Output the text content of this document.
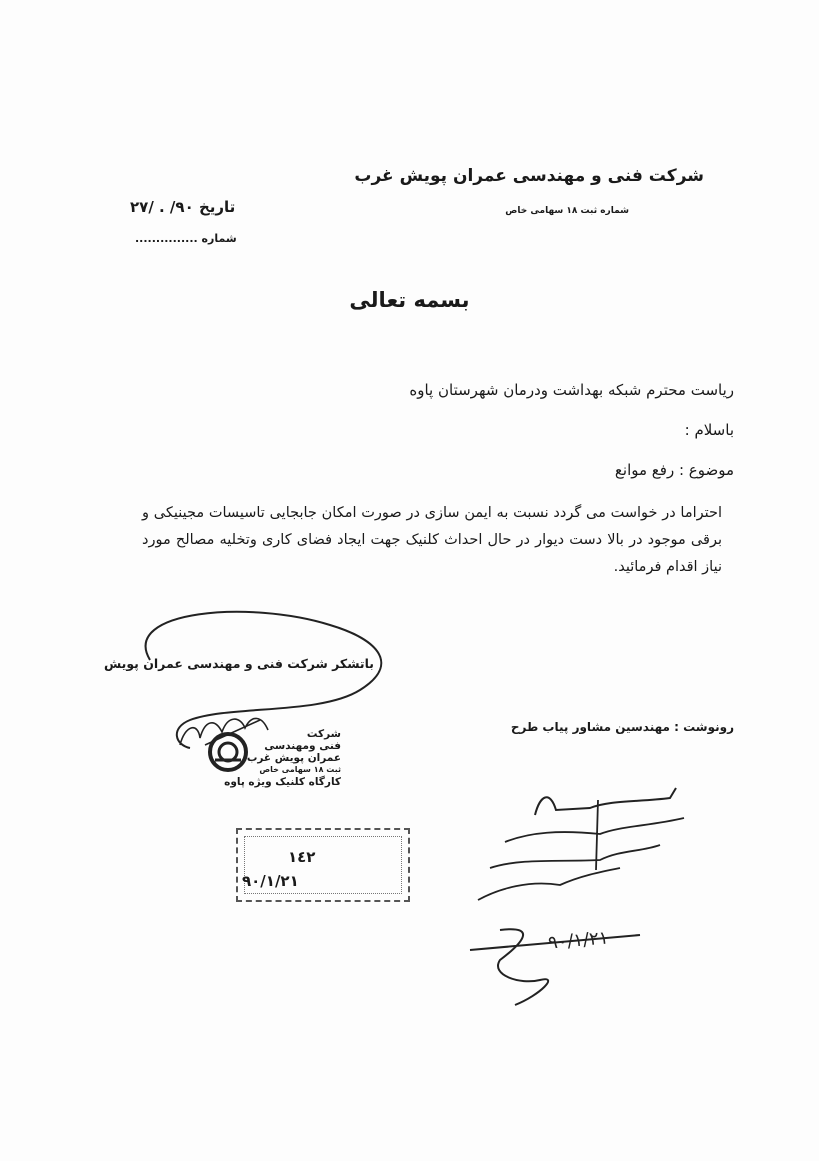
شرکت فنی و مهندسی عمران پویش غرب
شماره ثبت ۱۸ سهامی خاص
تاریخ ۹۰/ . /۲۷
شماره ...............
بسمه تعالی
ریاست محترم شبکه بهداشت ودرمان شهرستان پاوه
باسلام :
موضوع : رفع موانع
احتراما در خواست می گردد نسبت به ایمن سازی در صورت امکان جابجایی تاسیسات مجینیکی و برقی موجود در بالا دست دیوار در حال احداث کلنیک جهت ایجاد فضای کاری وتخلیه مصالح مورد نیاز اقدام فرمائید.
باتشکر شرکت فنی و مهندسی عمران پویش
رونوشت : مهندسین مشاور پیاب طرح
شرکت
فنی ومهندسی
عمران پویش غرب
ثبت ۱۸ سهامی خاص
کارگاه کلنیک ویژه پاوه
۱٤۲
۹۰/۱/۲۱
۹۰/۱/۲۱
